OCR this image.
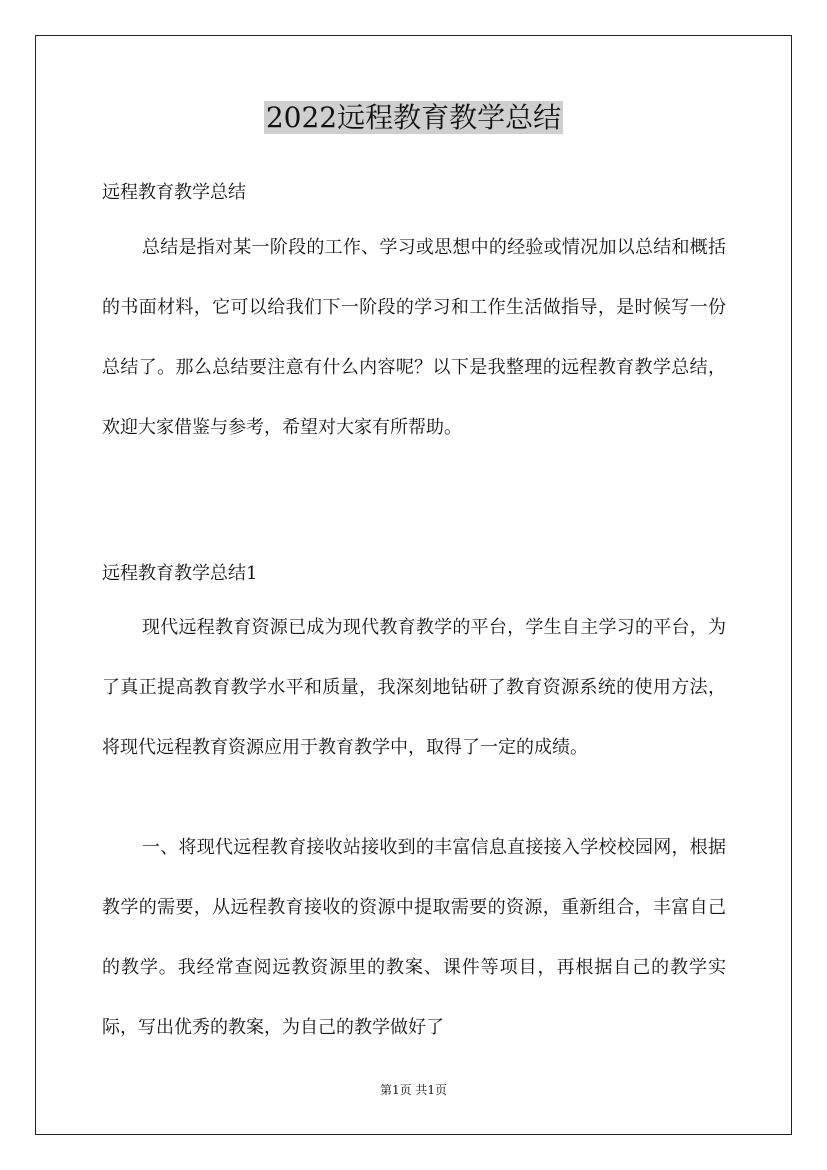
2022远程教育教学总结
远程教育教学总结

总结是指对某一阶段的工作、学习或思想中的经验或情况加以总结和概括的书面材料，它可以给我们下一阶段的学习和工作生活做指导，是时候写一份总结了。那么总结要注意有什么内容呢？以下是我整理的远程教育教学总结，欢迎大家借鉴与参考，希望对大家有所帮助。

远程教育教学总结1

现代远程教育资源已成为现代教育教学的平台，学生自主学习的平台，为了真正提高教育教学水平和质量，我深刻地钻研了教育资源系统的使用方法，将现代远程教育资源应用于教育教学中，取得了一定的成绩。

一、将现代远程教育接收站接收到的丰富信息直接接入学校校园网，根据教学的需要，从远程教育接收的资源中提取需要的资源，重新组合，丰富自己的教学。我经常查阅远教资源里的教案、课件等项目，再根据自己的教学实际，写出优秀的教案，为自己的教学做好了

第1页 共1页
